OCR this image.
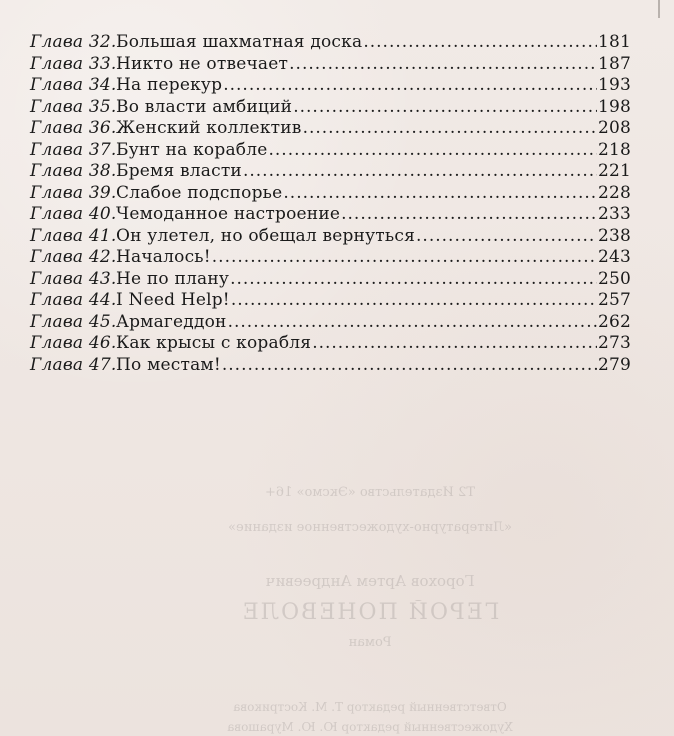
Глава 32. Большая шахматная доска .....	181
Глава 33. Никто не отвечает .....	187
Глава 34. На перекур .....	193
Глава 35. Во власти амбиций .....	198
Глава 36. Женский коллектив .....	208
Глава 37. Бунт на корабле .....	218
Глава 38. Бремя власти .....	221
Глава 39. Слабое подспорье .....	228
Глава 40. Чемоданное настроение .....	233
Глава 41. Он улетел, но обещал вернуться .....	238
Глава 42. Началось! .....	243
Глава 43. Не по плану .....	250
Глава 44. I Need Help! .....	257
Глава 45. Армагеддон .....	262
Глава 46. Как крысы с корабля .....	273
Глава 47. По местам! .....	279
Т2 Издательство «Эксмо» 16+
«Литературно-художественное издание»
Горохов Артем Андреевич
ГЕРОЙ ПОНЕВОЛЕ
Роман
Ответственный редактор Т. М. Кострикова
Художественный редактор Ю. Ю. Мурашова
